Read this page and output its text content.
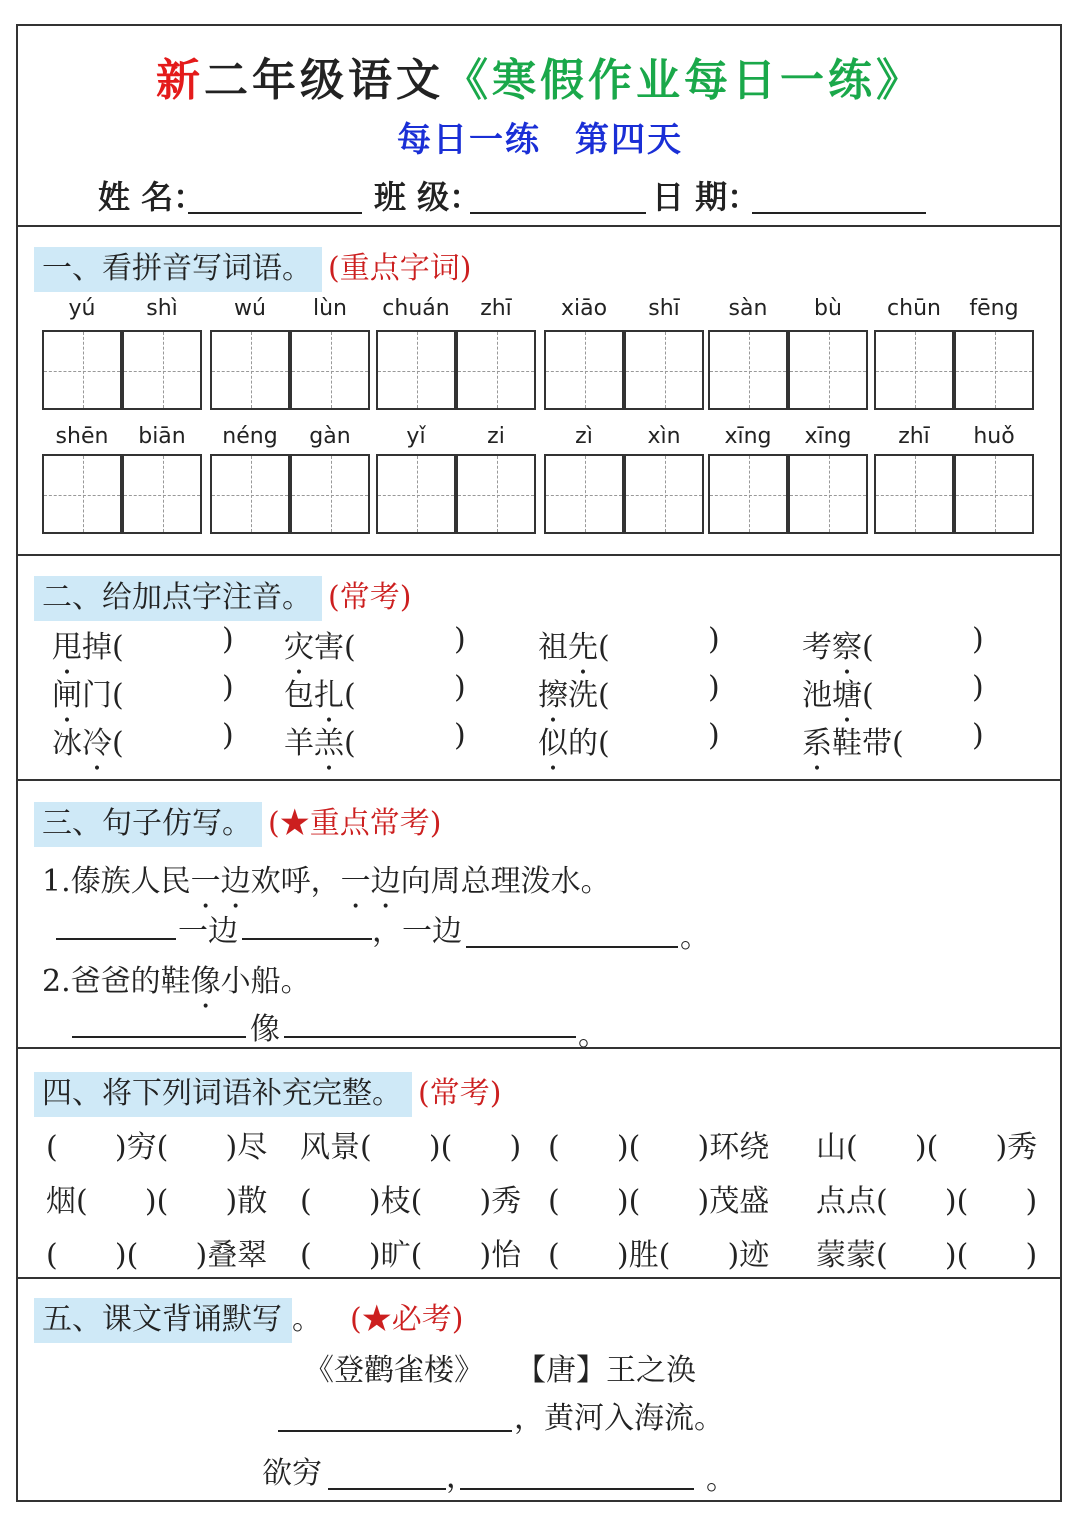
新二年级语文《寒假作业每日一练》
每日一练 第四天
姓 名：	班 级：	日 期：
一、看拼音写词语。 (重点字词)
yú	shì	wú	lùn	chuán	zhī	xiāo	shī	sàn	bù	chūn	fēng
shēn	biān	néng	gàn	yǐ	zi	zì	xìn	xīng	xīng	zhī	huǒ
二、给加点字注音。 (常考)
甩掉(	) 灾害(	) 祖先(	)	考察(	)
闸门(	) 包扎(	) 擦洗(	)	池塘(	)
冰冷(	) 羊羔(	) 似的(	)	系鞋带( )
三、句子仿写。 (★重点常考)
1.傣族人民一边欢呼，一边向周总理泼水。
一边	，一边	。
2.爸爸的鞋像小船。
像	。
四、将下列词语补充完整。 (常考)
(      )穷(      )尽 风景(      )(      ) (      )(      )环绕 山(      )(      )秀
烟(      )(      )散 (      )枝(      )秀 (      )(      )茂盛 点点(      )(      )
(      )(      )叠翠 (      )旷(      )怡 (      )胜(      )迹 蒙蒙(      )(      )
五、课文背诵默写 。 (★必考)
《登鹳雀楼》 【唐】王之涣
，黄河入海流。
欲穷	，	。
